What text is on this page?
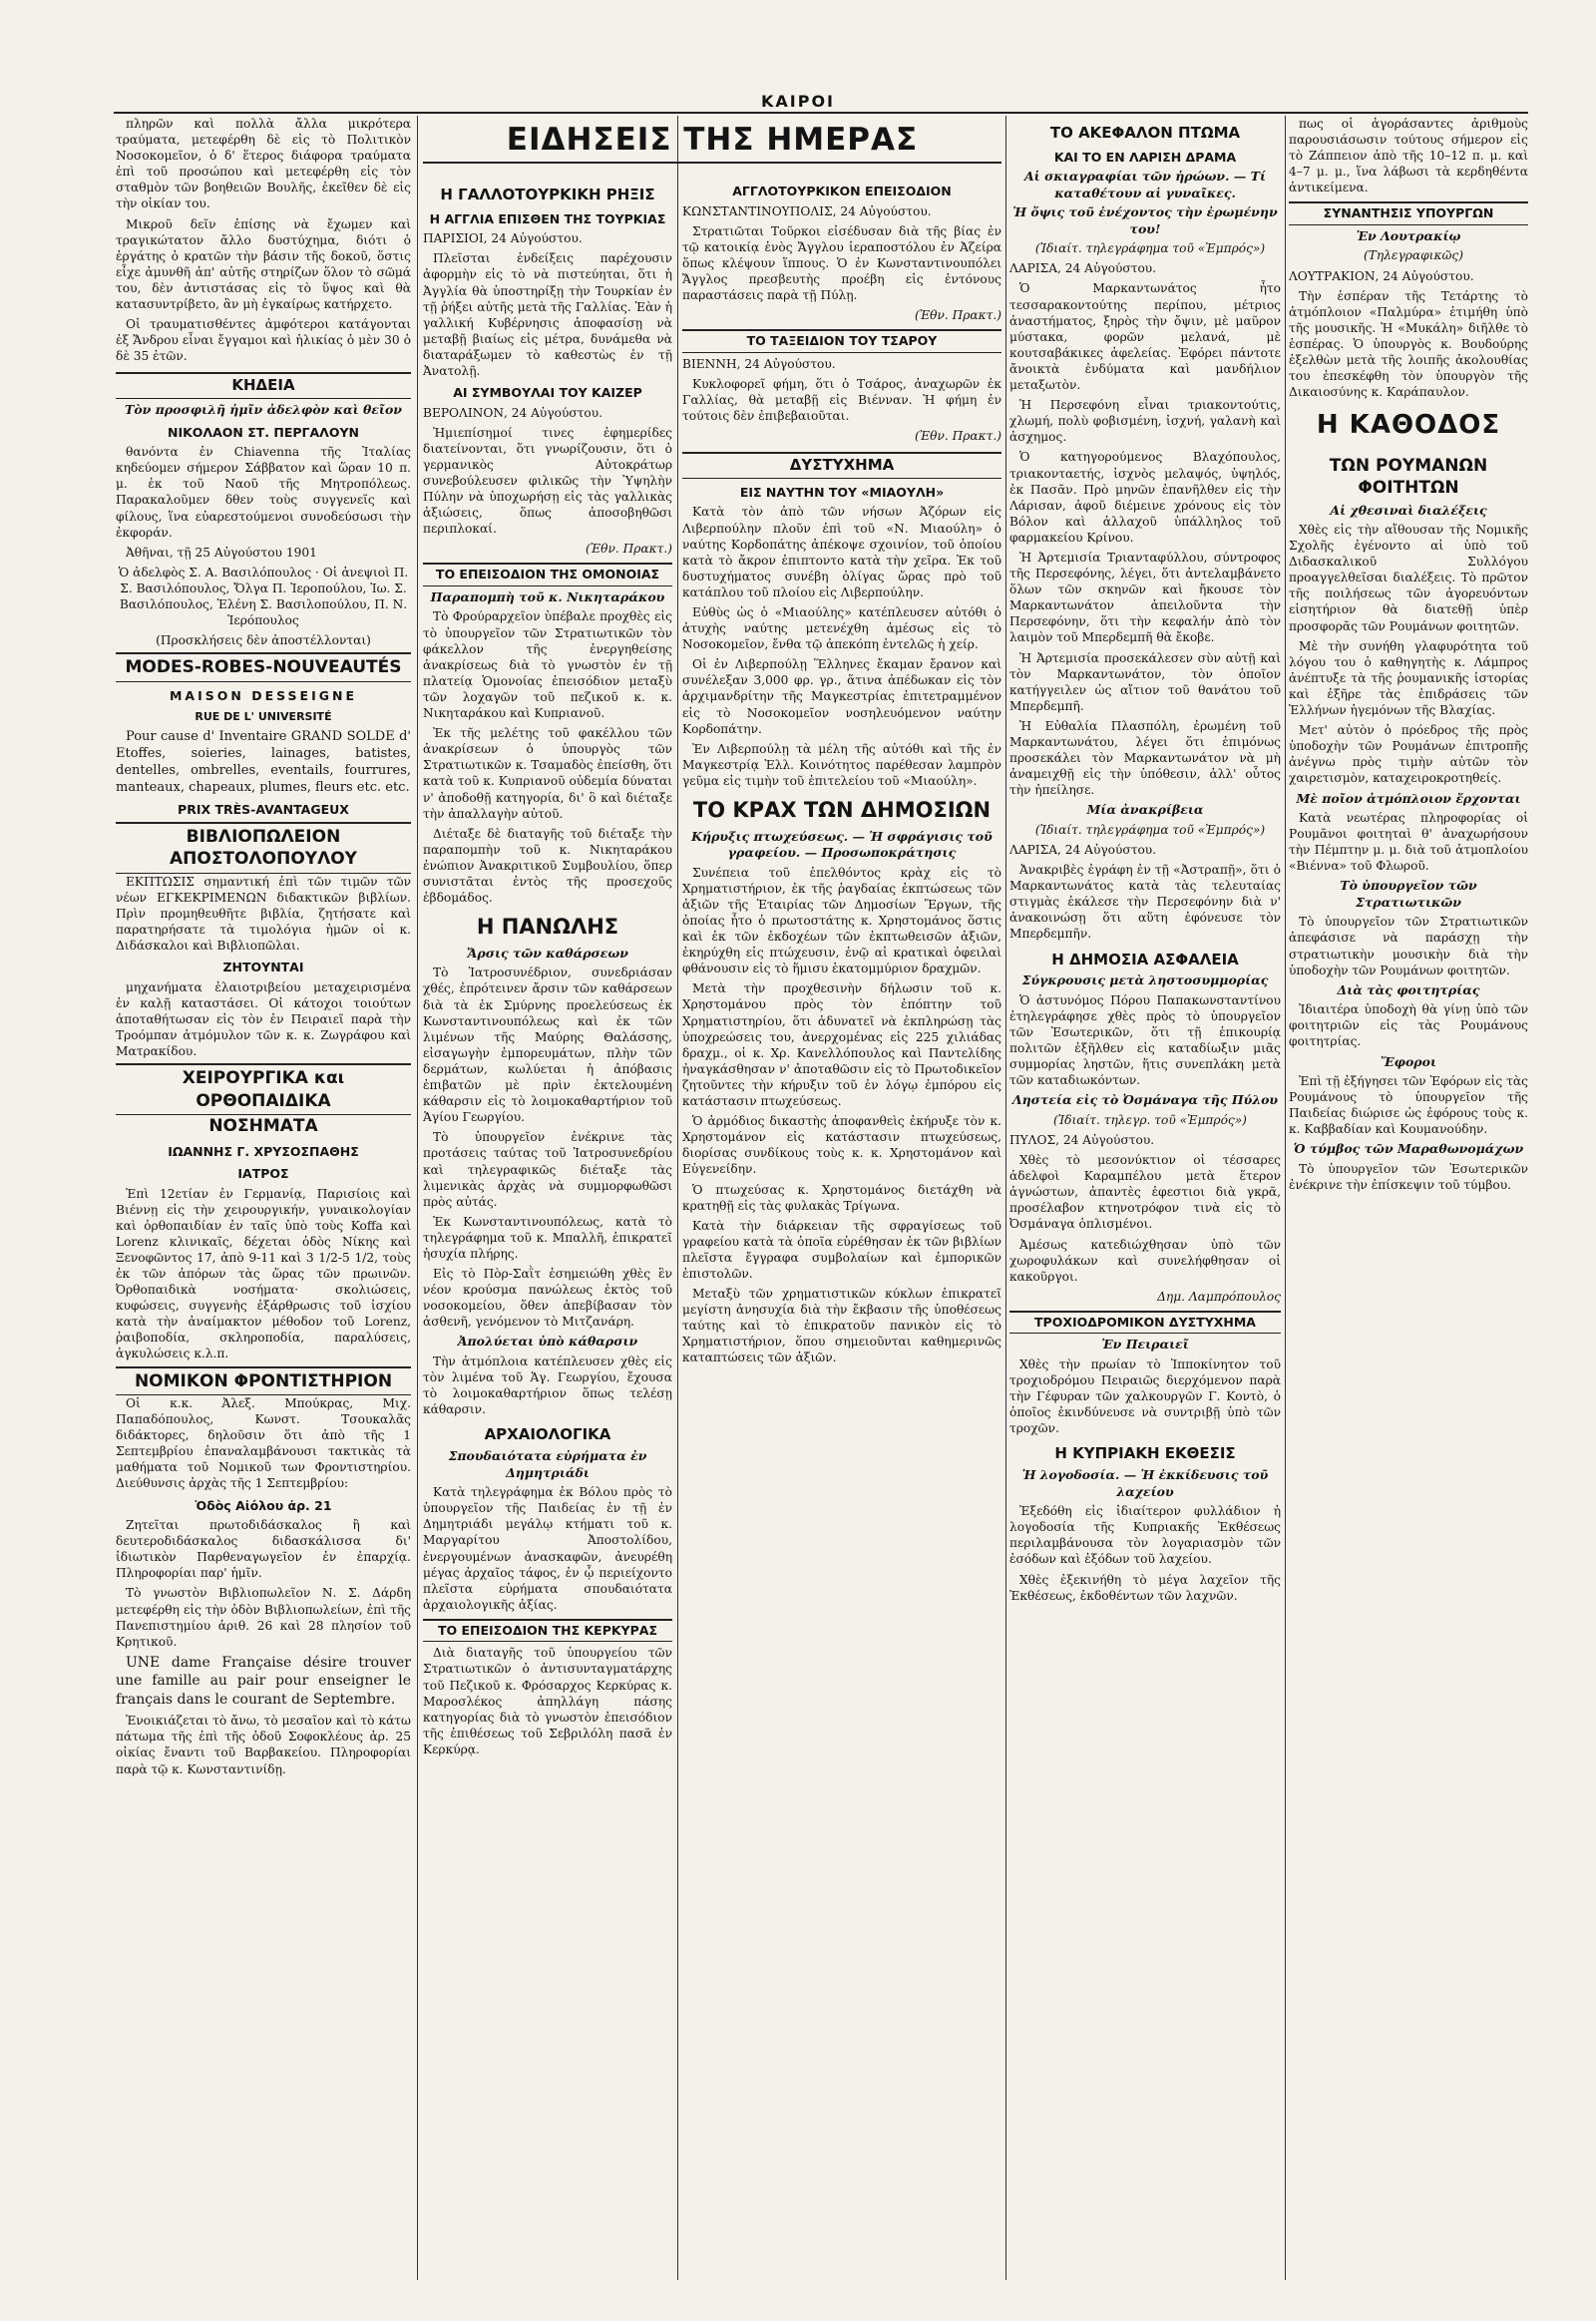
ΚΑΙΡΟΙ

πληρῶν καὶ πολλὰ ἄλλα μικρότερα τραύματα, μετεφέρθη δὲ εἰς τὸ Πολιτικὸν Νοσοκομεῖον, ὁ δ' ἕτερος διάφορα τραύματα ἐπὶ τοῦ προσώπου καὶ μετεφέρθη εἰς τὸν σταθμὸν τῶν βοηθειῶν Βουλῆς, ἐκεῖθεν δὲ εἰς τὴν οἰκίαν του.

Μικροῦ δεῖν ἐπίσης νὰ ἔχωμεν καὶ τραγικώτατον ἄλλο δυστύχημα, διότι ὁ ἐργάτης ὁ κρατῶν τὴν βάσιν τῆς δοκοῦ, ὅστις εἶχε ἀμυνθῆ ἀπ' αὐτῆς στηρίζων ὅλον τὸ σῶμά του, δὲν ἀντιστάσας εἰς τὸ ὕψος καὶ θὰ κατασυντρίβετο, ἂν μὴ ἐγκαίρως κατήρχετο.

Οἱ τραυματισθέντες ἀμφότεροι κατάγονται ἐξ Ἄνδρου εἶναι ἔγγαμοι καὶ ἡλικίας ὁ μὲν 30 ὁ δὲ 35 ἐτῶν.

ΚΗΔΕΙΑ
Τὸν προσφιλῆ ἡμῖν ἀδελφὸν καὶ θεῖον
ΝΙΚΟΛΑΟΝ ΣΤ. ΠΕΡΓΑΛΟΥΝ

θανόντα ἐν Chiavenna τῆς Ἰταλίας κηδεύομεν σήμερον Σάββατον καὶ ὥραν 10 π. μ. ἐκ τοῦ Ναοῦ τῆς Μητροπόλεως. Παρακαλοῦμεν δθεν τοὺς συγγενεῖς καὶ φίλους, ἵνα εὐαρεστούμενοι συνοδεύσωσι τὴν ἐκφοράν.

Ἀθῆναι, τῇ 25 Αὐγούστου 1901

Ὁ ἀδελφὸς Σ. Α. Βασιλόπουλος · Οἱ ἀνεψιοὶ Π. Σ. Βασιλόπουλος, Ὄλγα Π. Ἱεροπούλου, Ἰω. Σ. Βασιλόπουλος, Ἑλένη Σ. Βασιλοπούλου, Π. Ν. Ἱερόπουλος

(Προσκλήσεις δὲν ἀποστέλλονται)

MODES-ROBES-NOUVEAUTÉS
MAISON DESSEIGNE
RUE DE L' UNIVERSITÉ

Pour cause d' Inventaire GRAND SOLDE d' Etoffes, soieries, lainages, batistes, dentelles, ombrelles, eventails, fourrures, manteaux, chapeaux, plumes, fleurs etc. etc.

PRIX TRÈS-AVANTAGEUX
ΒΙΒΛΙΟΠΩΛΕΙΟΝ ΑΠΟΣΤΟΛΟΠΟΥΛΟΥ

ΕΚΠΤΩΣΙΣ σημαντική ἐπὶ τῶν τιμῶν τῶν νέων ΕΓΚΕΚΡΙΜΕΝΩΝ διδακτικῶν βιβλίων. Πρὶν προμηθευθῆτε βιβλία, ζητήσατε καὶ παρατηρήσατε τὰ τιμολόγια ἡμῶν οἱ κ. Διδάσκαλοι καὶ Βιβλιοπῶλαι.

ΖΗΤΟΥΝΤΑΙ

μηχανήματα ἐλαιοτριβείου μεταχειρισμένα ἐν καλῇ καταστάσει. Οἱ κάτοχοι τοιούτων ἀποταθήτωσαν εἰς τὸν ἐν Πειραιεῖ παρὰ τὴν Τροόμπαν ἀτμόμυλον τῶν κ. κ. Ζωγράφου καὶ Ματρακίδου.

ΧΕΙΡΟΥΡΓΙΚΑ και ΟΡΘΟΠΑΙΔΙΚΑ
ΝΟΣΗΜΑΤΑ
ΙΩΑΝΝΗΣ Γ. ΧΡΥΣΟΣΠΑΘΗΣ
ΙΑΤΡΟΣ

Ἐπὶ 12ετίαν ἐν Γερμανίᾳ, Παρισίοις καὶ Βιέννῃ εἰς τὴν χειρουργικήν, γυναικολογίαν καὶ ὀρθοπαιδίαν ἐν ταῖς ὑπὸ τοὺς Koffa καὶ Lorenz κλινικαῖς, δέχεται ὁδὸς Νίκης καὶ Ξενοφῶντος 17, ἀπὸ 9-11 καὶ 3 1/2-5 1/2, τοὺς ἐκ τῶν ἀπόρων τὰς ὥρας τῶν πρωινῶν. Ὀρθοπαιδικὰ νοσήματα· σκολιώσεις, κυφώσεις, συγγενὴς ἐξάρθρωσις τοῦ ἰσχίου κατὰ τὴν ἀναίμακτον μέθοδον τοῦ Lorenz, ῥαιβοποδία, σκληροποδία, παραλύσεις, ἀγκυλώσεις κ.λ.π.

ΝΟΜΙΚΟΝ ΦΡΟΝΤΙΣΤΗΡΙΟΝ

Οἱ κ.κ. Ἀλεξ. Μπούκρας, Μιχ. Παπαδόπουλος, Κωνστ. Τσουκαλᾶς διδάκτορες, δηλοῦσιν ὅτι ἀπὸ τῆς 1 Σεπτεμβρίου ἐπαναλαμβάνουσι τακτικὰς τὰ μαθήματα τοῦ Νομικοῦ των Φροντιστηρίου. Διεύθυνσις ἀρχὰς τῆς 1 Σεπτεμβρίου:

Ὁδὸς Αἰόλου ἀρ. 21

Ζητεῖται πρωτοδιδάσκαλος ἢ καὶ δευτεροδιδάσκαλος διδασκάλισσα δι' ἰδιωτικὸν Παρθεναγωγεῖον ἐν ἐπαρχίᾳ. Πληροφορίαι παρ' ἡμῖν.

Τὸ γνωστὸν Βιβλιοπωλεῖον Ν. Σ. Δάρδη μετεφέρθη εἰς τὴν ὁδὸν Βιβλιοπωλείων, ἐπὶ τῆς Πανεπιστημίου ἀριθ. 26 καὶ 28 πλησίον τοῦ Κρητικοῦ.

UNE dame Française désire trouver une famille au pair pour enseigner le français dans le courant de Septembre.

Ἐνοικιάζεται τὸ ἄνω, τὸ μεσαῖον καὶ τὸ κάτω πάτωμα τῆς ἐπὶ τῆς ὁδοῦ Σοφοκλέους ἀρ. 25 οἰκίας ἔναντι τοῦ Βαρβακείου. Πληροφορίαι παρὰ τῷ κ. Κωνσταντινίδῃ.

ΕΙΔΗΣΕΙΣ ΤΗΣ ΗΜΕΡΑΣ
Η ΓΑΛΛΟΤΟΥΡΚΙΚΗ ΡΗΞΙΣ
Η ΑΓΓΛΙΑ ΕΠΙΣΘΕΝ ΤΗΣ ΤΟΥΡΚΙΑΣ

ΠΑΡΙΣΙΟΙ, 24 Αὐγούστου.

Πλεῖσται ἐνδείξεις παρέχουσιν ἀφορμὴν εἰς τὸ νὰ πιστεύηται, ὅτι ἡ Ἀγγλία θὰ ὑποστηρίξῃ τὴν Τουρκίαν ἐν τῇ ῥήξει αὐτῆς μετὰ τῆς Γαλλίας. Ἐὰν ἡ γαλλική Κυβέρνησις ἀποφασίσῃ νὰ μεταβῇ βιαίως εἰς μέτρα, δυνάμεθα νὰ διαταράξωμεν τὸ καθεστὼς ἐν τῇ Ἀνατολῇ.

ΑΙ ΣΥΜΒΟΥΛΑΙ ΤΟΥ ΚΑΙΖΕΡ

ΒΕΡΟΛΙΝΟΝ, 24 Αὐγούστου.

Ἠμιεπίσημοί τινες ἐφημερίδες διατείνονται, ὅτι γνωρίζουσιν, ὅτι ὁ γερμανικὸς Αὐτοκράτωρ συνεβούλευσεν φιλικῶς τὴν Ὑψηλὴν Πύλην νὰ ὑποχωρήσῃ εἰς τὰς γαλλικὰς ἀξιώσεις, ὅπως ἀποσοβηθῶσι περιπλοκαί.

(Ἐθν. Πρακτ.)

ΤΟ ΕΠΕΙΣΟΔΙΟΝ ΤΗΣ ΟΜΟΝΟΙΑΣ
Παραπομπὴ τοῦ κ. Νικηταράκου

Τὸ Φρούραρχεῖον ὑπέβαλε προχθὲς εἰς τὸ ὑπουργεῖον τῶν Στρατιωτικῶν τὸν φάκελλον τῆς ἐνεργηθείσης ἀνακρίσεως διὰ τὸ γνωστὸν ἐν τῇ πλατείᾳ Ὁμονοίας ἐπεισόδιον μεταξὺ τῶν λοχαγῶν τοῦ πεζικοῦ κ. κ. Νικηταράκου καὶ Κυπριανοῦ.

Ἐκ τῆς μελέτης τοῦ φακέλλου τῶν ἀνακρίσεων ὁ ὑπουργὸς τῶν Στρατιωτικῶν κ. Τσαμαδὸς ἐπείσθη, ὅτι κατὰ τοῦ κ. Κυπριανοῦ οὐδεμία δύναται ν' ἀποδοθῇ κατηγορία, δι' ὃ καὶ διέταξε τὴν ἀπαλλαγὴν αὐτοῦ.

Διέταξε δὲ διαταγῆς τοῦ διέταξε τὴν παραπομπὴν τοῦ κ. Νικηταράκου ἐνώπιον Ἀνακριτικοῦ Συμβουλίου, ὅπερ συνιστᾶται ἐντὸς τῆς προσεχοῦς ἑβδομάδος.

Η ΠΑΝΩΛΗΣ
Ἄρσις τῶν καθάρσεων

Τὸ Ἰατροσυνέδριον, συνεδριάσαν χθές, ἐπρότεινεν ἄρσιν τῶν καθάρσεων διὰ τὰ ἐκ Σμύρνης προελεύσεως ἐκ Κωνσταντινουπόλεως καὶ ἐκ τῶν λιμένων τῆς Μαύρης Θαλάσσης, εἰσαγωγὴν ἐμπορευμάτων, πλὴν τῶν δερμάτων, κωλύεται ἡ ἀπόβασις ἐπιβατῶν μὲ πρὶν ἐκτελουμένη κάθαρσιν εἰς τὸ λοιμοκαθαρτήριον τοῦ Ἁγίου Γεωργίου.

Τὸ ὑπουργεῖον ἐνέκρινε τὰς προτάσεις ταύτας τοῦ Ἰατροσυνεδρίου καὶ τηλεγραφικῶς διέταξε τὰς λιμενικὰς ἀρχὰς νὰ συμμορφωθῶσι πρὸς αὐτάς.

Ἐκ Κωνσταντινουπόλεως, κατὰ τὸ τηλεγράφημα τοῦ κ. Μπαλλῆ, ἐπικρατεῖ ἡσυχία πλήρης.

Εἰς τὸ Πὸρ-Σαῒτ ἐσημειώθη χθὲς ἓν νέον κρούσμα πανώλεως ἐκτὸς τοῦ νοσοκομείου, ὅθεν ἀπεβίβασαν τὸν ἀσθενῆ, γενόμενον τὸ Μιτζανάρη.

Ἀπολύεται ὑπὸ κάθαρσιν

Τὴν ἀτμόπλοια κατέπλευσεν χθὲς εἰς τὸν λιμένα τοῦ Ἁγ. Γεωργίου, ἔχουσα τὸ λοιμοκαθαρτήριον ὅπως τελέσῃ κάθαρσιν.

ΑΡΧΑΙΟΛΟΓΙΚΑ
Σπουδαιότατα εὑρήματα ἐν Δημητριάδι

Κατὰ τηλεγράφημα ἐκ Βόλου πρὸς τὸ ὑπουργεῖον τῆς Παιδείας ἐν τῇ ἐν Δημητριάδι μεγάλῳ κτήματι τοῦ κ. Μαργαρίτου Ἀποστολίδου, ἐνεργουμένων ἀνασκαφῶν, ἀνευρέθη μέγας ἀρχαῖος τάφος, ἐν ᾧ περιείχοντο πλεῖστα εὑρήματα σπουδαιότατα ἀρχαιολογικῆς ἀξίας.

ΤΟ ΕΠΕΙΣΟΔΙΟΝ ΤΗΣ ΚΕΡΚΥΡΑΣ

Διὰ διαταγῆς τοῦ ὑπουργείου τῶν Στρατιωτικῶν ὁ ἀντισυνταγματάρχης τοῦ Πεζικοῦ κ. Φρόσαρχος Κερκύρας κ. Μαροσλέκος ἀπηλλάγη πάσης κατηγορίας διὰ τὸ γνωστὸν ἐπεισόδιον τῆς ἐπιθέσεως τοῦ Σεβριλόλη πασᾶ ἐν Κερκύρᾳ.

ΑΓΓΛΟΤΟΥΡΚΙΚΟΝ ΕΠΕΙΣΟΔΙΟΝ

ΚΩΝΣΤΑΝΤΙΝΟΥΠΟΛΙΣ, 24 Αὐγούστου.

Στρατιῶται Τοῦρκοι εἰσέδυσαν διὰ τῆς βίας ἐν τῷ κατοικίᾳ ἑνὸς Ἄγγλου ἱεραποστόλου ἐν Ἀζείρα ὅπως κλέψουν ἵππους. Ὁ ἐν Κωνσταντινουπόλει Ἄγγλος πρεσβευτὴς προέβη εἰς ἐντόνους παραστάσεις παρὰ τῇ Πύλῃ.

(Ἐθν. Πρακτ.)

ΤΟ ΤΑΞΕΙΔΙΟΝ ΤΟΥ ΤΣΑΡΟΥ

ΒΙΕΝΝΗ, 24 Αὐγούστου.

Κυκλοφορεῖ φήμη, ὅτι ὁ Τσάρος, ἀναχωρῶν ἐκ Γαλλίας, θὰ μεταβῇ εἰς Βιένναν. Ἡ φήμη ἐν τούτοις δὲν ἐπιβεβαιοῦται.

(Ἐθν. Πρακτ.)

ΔΥΣΤΥΧΗΜΑ
ΕΙΣ ΝΑΥΤΗΝ ΤΟΥ «ΜΙΑΟΥΛΗ»

Κατὰ τὸν ἀπὸ τῶν νήσων Ἀζόρων εἰς Λιβερπούλην πλοῦν ἐπὶ τοῦ «Ν. Μιαούλη» ὁ ναύτης Κορδοπάτης ἀπέκοψε σχοινίον, τοῦ ὁποίου κατὰ τὸ ἄκρον ἐπιπτοντο κατὰ τὴν χεῖρα. Ἐκ τοῦ δυστυχήματος συνέβη ὀλίγας ὥρας πρὸ τοῦ κατάπλου τοῦ πλοίου εἰς Λιβερπούλην.

Εὐθὺς ὡς ὁ «Μιαούλης» κατέπλευσεν αὐτόθι ὁ ἀτυχὴς ναύτης μετενέχθη ἀμέσως εἰς τὸ Νοσοκομεῖον, ἔνθα τῷ ἀπεκόπη ἐντελῶς ἡ χείρ.

Οἱ ἐν Λιβερπούλῃ Ἕλληνες ἔκαμαν ἔρανον καὶ συνέλεξαν 3,000 φρ. γρ., ἅτινα ἀπέδωκαν εἰς τὸν ἀρχιμανδρίτην τῆς Μαγκεστρίας ἐπιτετραμμένον εἰς τὸ Νοσοκομεῖον νοσηλευόμενον ναύτην Κορδοπάτην.

Ἐν Λιβερπούλῃ τὰ μέλη τῆς αὐτόθι καὶ τῆς ἐν Μαγκεστρίᾳ Ἑλλ. Κοινότητος παρέθεσαν λαμπρὸν γεῦμα εἰς τιμὴν τοῦ ἐπιτελείου τοῦ «Μιαούλη».

ΤΟ ΚΡΑΧ ΤΩΝ ΔΗΜΟΣΙΩΝ
Κήρυξις πτωχεύσεως. — Ἡ σφράγισις τοῦ γραφείου. — Προσωποκράτησις

Συνέπεια τοῦ ἐπελθόντος κρὰχ εἰς τὸ Χρηματιστήριον, ἐκ τῆς ῥαγδαίας ἐκπτώσεως τῶν ἀξιῶν τῆς Ἑταιρίας τῶν Δημοσίων Ἔργων, τῆς ὁποίας ἦτο ὁ πρωτοστάτης κ. Χρηστομάνος ὅστις καὶ ἐκ τῶν ἐκδοχέων τῶν ἐκπτωθεισῶν ἀξιῶν, ἐκηρύχθη εἰς πτώχευσιν, ἐνῷ αἱ κρατικαὶ ὀφειλαὶ φθάνουσιν εἰς τὸ ἥμισυ ἑκατομμύριον δραχμῶν.

Μετὰ τὴν προχθεσινὴν δήλωσιν τοῦ κ. Χρηστομάνου πρὸς τὸν ἐπόπτην τοῦ Χρηματιστηρίου, ὅτι ἀδυνατεῖ νὰ ἐκπληρώσῃ τὰς ὑποχρεώσεις του, ἀνερχομένας εἰς 225 χιλιάδας δραχμ., οἱ κ. Χρ. Κανελλόπουλος καὶ Παντελίδης ἠναγκάσθησαν ν' ἀποταθῶσιν εἰς τὸ Πρωτοδικεῖον ζητοῦντες τὴν κήρυξιν τοῦ ἐν λόγῳ ἐμπόρου εἰς κατάστασιν πτωχεύσεως.

Ὁ ἀρμόδιος δικαστὴς ἀποφανθεὶς ἐκήρυξε τὸν κ. Χρηστομάνον εἰς κατάστασιν πτωχεύσεως, διορίσας συνδίκους τοὺς κ. κ. Χρηστομάνον καὶ Εὐγενείδην.

Ὁ πτωχεύσας κ. Χρηστομάνος διετάχθη νὰ κρατηθῇ εἰς τὰς φυλακὰς Τρίγωνα.

Κατὰ τὴν διάρκειαν τῆς σφραγίσεως τοῦ γραφείου κατὰ τὰ ὁποῖα εὑρέθησαν ἐκ τῶν βιβλίων πλεῖστα ἔγγραφα συμβολαίων καὶ ἐμπορικῶν ἐπιστολῶν.

Μεταξὺ τῶν χρηματιστικῶν κύκλων ἐπικρατεῖ μεγίστη ἀνησυχία διὰ τὴν ἔκβασιν τῆς ὑποθέσεως ταύτης καὶ τὸ ἐπικρατοῦν πανικὸν εἰς τὸ Χρηματιστήριον, ὅπου σημειοῦνται καθημερινῶς καταπτώσεις τῶν ἀξιῶν.

ΤΟ ΑΚΕΦΑΛΟΝ ΠΤΩΜΑ
ΚΑΙ ΤΟ ΕΝ ΛΑΡΙΣΗ ΔΡΑΜΑ
Αἱ σκιαγραφίαι τῶν ἡρώων. — Τί καταθέτουν αἱ γυναῖκες.
Ἡ ὄψις τοῦ ἐνέχοντος τὴν ἐρωμένην του!

(Ἰδιαίτ. τηλεγράφημα τοῦ «Ἐμπρός»)

ΛΑΡΙΣΑ, 24 Αὐγούστου.

Ὁ Μαρκαντωνάτος ἦτο τεσσαρακοντούτης περίπου, μέτριος ἀναστήματος, ξηρὸς τὴν ὄψιν, μὲ μαῦρον μύστακα, φορῶν μελανά, μὲ κουτσαβάκικες ἀφελείας. Ἐφόρει πάντοτε ἄνοικτὰ ἐνδύματα καὶ μανδήλιον μεταξωτὸν.

Ἡ Περσεφόνη εἶναι τριακοντούτις, χλωμή, πολὺ φοβισμένη, ἰσχνή, γαλανὴ καὶ ἀσχημος.

Ὁ κατηγορούμενος Βλαχόπουλος, τριακονταετής, ἰσχνὸς μελαψός, ὑψηλός, ἐκ Πασᾶν. Πρὸ μηνῶν ἐπανῆλθεν εἰς τὴν Λάρισαν, ἀφοῦ διέμεινε χρόνους εἰς τὸν Βόλον καὶ ἀλλαχοῦ ὑπάλληλος τοῦ φαρμακείου Κρίνου.

Ἡ Ἀρτεμισία Τριανταφύλλου, σύντροφος τῆς Περσεφόνης, λέγει, ὅτι ἀντελαμβάνετο ὅλων τῶν σκηνῶν καὶ ἤκουσε τὸν Μαρκαντωνάτον ἀπειλοῦντα τὴν Περσεφόνην, ὅτι τὴν κεφαλήν ἀπὸ τὸν λαιμὸν τοῦ Μπερδεμπῆ θὰ ἔκοβε.

Ἡ Ἀρτεμισία προσεκάλεσεν σὺν αὐτῇ καὶ τὸν Μαρκαντωνάτον, τὸν ὁποῖον κατήγγειλεν ὡς αἴτιον τοῦ θανάτου τοῦ Μπερδεμπῆ.

Ἡ Εὐθαλία Πλασπόλη, ἐρωμένη τοῦ Μαρκαντωνάτου, λέγει ὅτι ἐπιμόνως προσεκάλει τὸν Μαρκαντωνάτον νὰ μὴ ἀναμειχθῇ εἰς τὴν ὑπόθεσιν, ἀλλ' οὗτος τὴν ἠπείλησε.

Μία ἀνακρίβεια

(Ἰδιαίτ. τηλεγράφημα τοῦ «Ἐμπρός»)

ΛΑΡΙΣΑ, 24 Αὐγούστου.

Ἀνακριβὲς ἐγράφη ἐν τῇ «Ἀστραπῇ», ὅτι ὁ Μαρκαντωνάτος κατὰ τὰς τελευταίας στιγμὰς ἐκάλεσε τὴν Περσεφόνην διὰ ν' ἀνακοινώσῃ ὅτι αὕτη ἐφόνευσε τὸν Μπερδεμπῆν.

Η ΔΗΜΟΣΙΑ ΑΣΦΑΛΕΙΑ
Σύγκρουσις μετὰ ληστοσυμμορίας

Ὁ ἀστυνόμος Πόρου Παπακωνσταντίνου ἐτηλεγράφησε χθὲς πρὸς τὸ ὑπουργεῖον τῶν Ἐσωτερικῶν, ὅτι τῇ ἐπικουρίᾳ πολιτῶν ἐξῆλθεν εἰς καταδίωξιν μιᾶς συμμορίας ληστῶν, ἥτις συνεπλάκη μετὰ τῶν καταδιωκόντων.

Ληστεία εἰς τὸ Ὀσμάναγα τῆς Πύλου

(Ἰδιαίτ. τηλεγρ. τοῦ «Ἐμπρός»)

ΠΥΛΟΣ, 24 Αὐγούστου.

Χθὲς τὸ μεσονύκτιον οἱ τέσσαρες ἀδελφοὶ Καραμπέλου μετὰ ἕτερον ἀγνώστων, ἀπαντὲς ἐφεστιοι διὰ γκρᾶ, προσέλαβον κτηνοτρόφον τινὰ εἰς τὸ Ὀσμάναγα ὁπλισμένοι.

Ἀμέσως κατεδιώχθησαν ὑπὸ τῶν χωροφυλάκων καὶ συνελήφθησαν οἱ κακοῦργοι.

Δημ. Λαμπρόπουλος

ΤΡΟΧΙΟΔΡΟΜΙΚΟΝ ΔΥΣΤΥΧΗΜΑ
Ἐν Πειραιεῖ

Χθὲς τὴν πρωίαν τὸ Ἱπποκίνητον τοῦ τροχιοδρόμου Πειραιῶς διερχόμενον παρὰ τὴν Γέφυραν τῶν χαλκουργῶν Γ. Κοντὸ, ὁ ὁποῖος ἐκινδύνευσε νὰ συντριβῇ ὑπὸ τῶν τροχῶν.

Η ΚΥΠΡΙΑΚΗ ΕΚΘΕΣΙΣ
Ἡ λογοδοσία. — Ἡ ἐκκίδευσις τοῦ λαχείου

Ἐξεδόθη εἰς ἰδιαίτερον φυλλάδιον ἡ λογοδοσία τῆς Κυπριακῆς Ἐκθέσεως περιλαμβάνουσα τὸν λογαριασμὸν τῶν ἐσόδων καὶ ἐξόδων τοῦ λαχείου.

Χθὲς ἐξεκινήθη τὸ μέγα λαχεῖον τῆς Ἐκθέσεως, ἐκδοθέντων τῶν λαχνῶν.

πως οἱ ἀγοράσαντες ἀριθμοὺς παρουσιάσωσιν τούτους σήμερον εἰς τὸ Ζάππειον ἀπὸ τῆς 10–12 π. μ. καὶ 4–7 μ. μ., ἵνα λάβωσι τὰ κερδηθέντα ἀντικείμενα.

ΣΥΝΑΝΤΗΣΙΣ ΥΠΟΥΡΓΩΝ
Ἐν Λουτρακίῳ

(Τηλεγραφικῶς)

ΛΟΥΤΡΑΚΙΟΝ, 24 Αὐγούστου.

Τὴν ἑσπέραν τῆς Τετάρτης τὸ ἀτμόπλοιον «Παλμύρα» ἐτιμήθη ὑπὸ τῆς μουσικῆς. Ἡ «Μυκάλη» διῆλθε τὸ ἑσπέρας. Ὁ ὑπουργὸς κ. Βουδούρης ἐξελθὼν μετὰ τῆς λοιπῆς ἀκολουθίας του ἐπεσκέφθη τὸν ὑπουργὸν τῆς Δικαιοσύνης κ. Καράπαυλον.

Η ΚΑΘΟΔΟΣ
ΤΩΝ ΡΟΥΜΑΝΩΝ ΦΟΙΤΗΤΩΝ
Αἱ χθεσιναὶ διαλέξεις

Χθὲς εἰς τὴν αἴθουσαν τῆς Νομικῆς Σχολῆς ἐγένοντο αἱ ὑπὸ τοῦ Διδασκαλικοῦ Συλλόγου προαγγελθεῖσαι διαλέξεις. Τὸ πρῶτον τῆς ποιλήσεως τῶν ἀγορευόντων εἰσητήριον θὰ διατεθῇ ὑπὲρ προσφορᾶς τῶν Ρουμάνων φοιτητῶν.

Μὲ τὴν συνήθη γλαφυρότητα τοῦ λόγου του ὁ καθηγητὴς κ. Λάμπρος ἀνέπτυξε τὰ τῆς ῥουμανικῆς ἱστορίας καὶ ἐξῆρε τὰς ἐπιδράσεις τῶν Ἑλλήνων ἡγεμόνων τῆς Βλαχίας.

Μετ' αὐτὸν ὁ πρόεδρος τῆς πρὸς ὑποδοχὴν τῶν Ρουμάνων ἐπιτροπῆς ἀνέγνω πρὸς τιμὴν αὐτῶν τὸν χαιρετισμὸν, καταχειροκροτηθείς.

Μὲ ποῖον ἀτμόπλοιον ἔρχονται

Κατὰ νεωτέρας πληροφορίας οἱ Ρουμᾶνοι φοιτηταὶ θ' ἀναχωρήσουν τὴν Πέμπτην μ. μ. διὰ τοῦ ἀτμοπλοίου «Βιέννα» τοῦ Φλωροῦ.

Τὸ ὑπουργεῖον τῶν Στρατιωτικῶν

Τὸ ὑπουργεῖον τῶν Στρατιωτικῶν ἀπεφάσισε νὰ παράσχῃ τὴν στρατιωτικὴν μουσικὴν διὰ τὴν ὑποδοχὴν τῶν Ρουμάνων φοιτητῶν.

Διὰ τὰς φοιτητρίας

Ἰδιαιτέρα ὑποδοχὴ θὰ γίνῃ ὑπὸ τῶν φοιτητριῶν εἰς τὰς Ρουμάνους φοιτητρίας.

Ἔφοροι

Ἐπὶ τῇ ἐξήγησει τῶν Ἐφόρων εἰς τὰς Ρουμάνους τὸ ὑπουργεῖον τῆς Παιδείας διώρισε ὡς ἐφόρους τοὺς κ. κ. Καββαδίαν καὶ Κουμανούδην.

Ὁ τύμβος τῶν Μαραθωνομάχων

Τὸ ὑπουργεῖον τῶν Ἐσωτερικῶν ἐνέκρινε τὴν ἐπίσκεψιν τοῦ τύμβου.
